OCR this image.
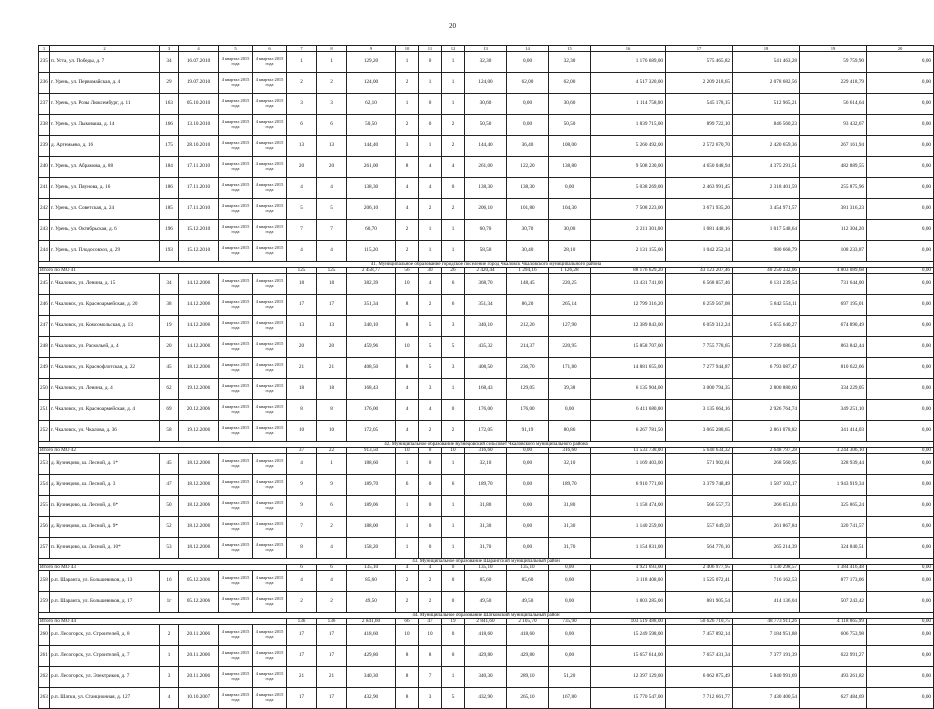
20
1	2	3	4	5	6	7	8	9	10	11	12	13	14	15	16	17	18	19	20
235	п. Уста, ул. Победы, д. 7	34	16.07.2010	4 квартал 2015 года	4 квартал 2015 года	1	1	129,20	1	0	1	32,30	0,00	32,30	1 176 689,00	575 465,82	541 463,28	59 759,90	0,00
236	г. Урень, ул. Первомайская, д. 4	29	19.07.2010	4 квартал 2015 года	4 квартал 2015 года	2	2	124,00	2	1	1	124,00	62,00	62,00	4 517 320,00	2 209 218,65	2 078 682,56	229 418,79	0,00
237	г. Урень, ул. Розы Люксембург, д. 11	163	05.10.2010	4 квартал 2015 года	4 квартал 2015 года	3	3	62,10	1	0	1	30,60	0,00	30,60	1 114 758,00	545 178,15	512 965,21	56 614,64	0,00
238	г. Урень, ул. Лыковаша, д. 14	166	13.10.2010	4 квартал 2015 года	4 квартал 2015 года	6	6	50,50	2	0	2	50,50	0,00	50,50	1 839 715,00	899 722,10	846 560,23	93 432,67	0,00
239	д. Артемьево, д. 16	175	28.10.2010	4 квартал 2015 года	4 квартал 2015 года	13	13	144,40	3	1	2	144,40	36,40	108,00	5 260 492,00	2 572 670,70	2 420 659,36	267 161,94	0,00
240	г. Урень, ул. Абрамова, д. 88	184	17.11.2010	4 квартал 2015 года	4 квартал 2015 года	20	20	261,00	8	4	4	261,00	122,20	138,80	9 508 230,00	4 650 048,94	4 375 291,51	482 889,55	0,00
241	г. Урень, ул. Пяунова, д. 16	186	17.11.2010	4 квартал 2015 года	4 квартал 2015 года	4	4	138,30	4	4	0	138,30	138,30	0,00	5 038 269,00	2 463 991,45	2 318 401,59	255 875,96	0,00
242	г. Урень, ул. Советская, д. 24	185	17.11.2010	4 квартал 2015 года	4 квартал 2015 года	5	5	206,10	4	2	2	206,10	101,80	104,30	7 508 223,00	3 671 935,20	3 454 971,57	381 316,23	0,00
243	г. Урень, ул. Октябрьская, д. 6	196	15.12.2010	4 квартал 2015 года	4 квартал 2015 года	7	7	60,70	2	1	1	60,70	30,70	30,00	2 211 301,00	1 081 448,16	1 017 548,64	112 304,20	0,00
244	г. Урень, ул. Плодосовхоз, д. 29	193	15.12.2010	4 квартал 2015 года	4 квартал 2015 года	4	4	115,20	2	1	1	58,50	30,40	28,10	2 131 155,00	1 042 252,34	980 668,79	108 233,87	0,00
41. Муниципальное образование городское поселение город Чкаловск Чкаловского муниципального района																			
Итого по МО 41						125	125	2 458,77	56	30	26	2 420,44	1 294,16	1 126,28	88 176 629,20	43 123 207,46	40 250 332,06	4 803 089,68	0,00
245	г. Чкаловск, ул. Ленина, д. 15	34	14.12.2006	4 квартал 2015 года	4 квартал 2015 года	18	18	382,39	10	4	6	368,70	148,45	220,25	13 431 741,00	6 568 857,46	6 131 239,54	731 644,00	0,00
246	г. Чкаловск, ул. Красноармейская, д. 20	38	14.12.2006	4 квартал 2015 года	4 квартал 2015 года	17	17	351,34	8	2	6	351,34	86,20	265,14	12 799 316,20	6 259 567,08	5 842 554,11	697 195,01	0,00
247	г. Чкаловск, ул. Комсомольская, д. 13	19	14.12.2006	4 квартал 2015 года	4 квартал 2015 года	13	13	340,10	8	5	3	340,10	212,20	127,90	12 389 843,00	6 059 312,24	5 655 640,27	674 890,49	0,00
248	г. Чкаловск, ул. Раскольей, д. 4	20	14.12.2006	4 квартал 2015 года	4 квартал 2015 года	20	20	459,96	10	5	5	435,32	214,37	220,95	15 858 707,00	7 755 778,65	7 239 086,51	863 842,44	0,00
249	г. Чкаловск, ул. Краснофлотская, д. 22	45	18.12.2006	4 квартал 2015 года	4 квартал 2015 года	21	21	408,50	8	5	3	408,50	236,70	171,80	14 881 655,00	7 277 944,87	6 793 087,47	810 622,66	0,00
250	г. Чкаловск, ул. Ленина, д. 4	62	19.12.2006	4 квартал 2015 года	4 квартал 2015 года	18	18	168,43	4	3	1	168,43	129,05	39,38	6 135 904,00	3 000 794,35	2 800 880,60	334 229,05	0,00
251	г. Чкаловск, ул. Красноармейская, д. 4	69	20.12.2006	4 квартал 2015 года	4 квартал 2015 года	8	8	176,00	4	4	0	176,00	176,00	0,00	6 411 680,00	3 135 664,16	2 926 764,74	349 251,10	0,00
252	г. Чкаловск, ул. Чкалова, д. 36	58	19.12.2006	4 квартал 2015 года	4 квартал 2015 года	10	10	172,05	4	2	2	172,05	91,19	80,86	6 267 781,50	3 065 288,65	2 861 078,82	341 414,03	0,00
42. Муниципальное образование Кузнецовский сельсовет Чкаловского муниципального района																			
Итого по МО 42						37	22	913,50	10	0	10	316,60	0,00	316,60	11 533 738,00	5 640 634,32	2 648 797,28	3 244 306,10	0,00
253	д. Кузнецово, ш. Лесной, д. 1*	45	18.12.2006	4 квартал 2015 года	4 квартал 2015 года	4	1	188,60	1	0	1	32,10	0,00	32,10	1 169 403,00	571 902,61	268 560,95	328 939,44	0,00
254	д. Кузнецово, ш. Лесной, д. 3	47	18.12.2006	4 квартал 2015 года	4 квартал 2015 года	9	9	189,70	6	0	6	189,70	0,00	189,70	6 910 771,00	3 379 748,49	1 587 103,17	1 943 919,34	0,00
255	п. Кузнецово, ш. Лесной, д. 6*	50	18.12.2006	4 квартал 2015 года	4 квартал 2015 года	9	6	189,06	1	0	1	31,80	0,00	31,80	1 158 474,00	566 557,73	266 051,03	325 865,24	0,00
256	д. Кузнецово, ш. Лесной, д. 9*	52	18.12.2006	4 квартал 2015 года	4 квартал 2015 года	7	2	188,00	1	0	1	31,30	0,00	31,30	1 140 259,00	557 649,59	261 867,84	320 741,57	0,00
257	п. Кузнецово, ш. Лесной, д. 10*	53	18.12.2006	4 квартал 2015 года	4 квартал 2015 года	8	4	158,20	1	0	1	31,70	0,00	31,70	1 154 831,00	564 776,10	265 214,39	324 840,51	0,00
43. Муниципальное образование Шарангский муниципальный район																			
Итого по МО 43						6	6	135,10	4	4	0	135,10	135,10	0,00	4 921 693,00	2 406 977,95	1 130 298,57	1 384 416,48	0,00
258	р.п. Шаранга, ул. Большевиков, д. 13	16	05.12.2006	4 квартал 2015 года	4 квартал 2015 года	4	4	85,60	2	2	0	85,60	85,60	0,00	3 118 408,00	1 525 072,41	716 162,53	877 173,06	0,00
259	р.п. Шаранга, ул. Большевиков, д. 17	1г	05.12.2006	4 квартал 2015 года	4 квартал 2015 года	2	2	49,50	2	2	0	49,50	49,50	0,00	1 803 285,00	881 905,54	414 136,04	507 243,42	0,00
44. Муниципальное образование Шатковский муниципальный район																			
Итого по МО 44						136	136	2 841,60	66	47	19	2 841,60	2 105,70	735,90	103 519 488,00	50 626 710,75	48 773 911,26	4 118 865,99	0,00
260	р.п. Лесогорск, ул. Строителей, д. 8	2	20.11.2006	4 квартал 2015 года	4 квартал 2015 года	17	17	418,60	10	10	0	418,60	418,60	0,00	15 249 598,00	7 457 892,14	7 184 951,88	606 753,98	0,00
261	р.п. Лесогорск, ул. Строителей, д. 7	1	20.11.2006	4 квартал 2015 года	4 квартал 2015 года	17	17	429,80	8	8	0	429,80	429,80	0,00	15 657 614,00	7 657 431,34	7 377 191,39	622 991,27	0,00
262	р.п. Лесогорск, ул. Электриков, д. 7	3	20.11.2006	4 квартал 2015 года	4 квартал 2015 года	21	21	340,30	8	7	1	340,30	289,10	51,20	12 397 129,00	6 062 875,49	5 840 991,69	493 261,82	0,00
263	р.п. Шатки, ул. Станционная, д. 127	4	10.10.2007	4 квартал 2015 года	4 квартал 2015 года	17	17	432,90	8	3	5	432,90	265,10	167,80	15 770 547,00	7 712 661,77	7 430 400,54	627 484,69	0,00
